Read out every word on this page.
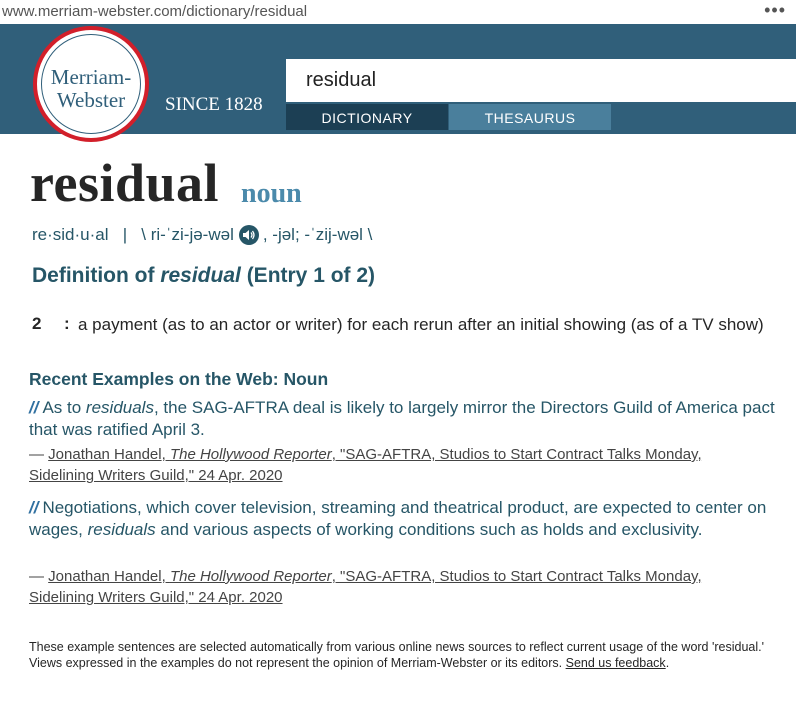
www.merriam-webster.com/dictionary/residual	•••
SINCE 1828
Merriam-
Webster
residual
DICTIONARY	THESAURUS
residual noun
re·​sid·​u·​al
|
\ ri-ˈzi-jə-wəl

, -jəl; -ˈzij-wəl \
Definition of residual (Entry 1 of 2)
2 : a payment (as to an actor or writer) for each rerun after an initial showing (as of a TV show)
Recent Examples on the Web: Noun
// As to residuals, the SAG-AFTRA deal is likely to largely mirror the Directors Guild of America pact that was ratified April 3.
— Jonathan Handel, The Hollywood Reporter, "SAG-AFTRA, Studios to Start Contract Talks Monday, Sidelining Writers Guild," 24 Apr. 2020
// Negotiations, which cover television, streaming and theatrical product, are expected to center on wages, residuals and various aspects of working conditions such as holds and exclusivity.
— Jonathan Handel, The Hollywood Reporter, "SAG-AFTRA, Studios to Start Contract Talks Monday, Sidelining Writers Guild," 24 Apr. 2020
These example sentences are selected automatically from various online news sources to reflect current usage of the word 'residual.' Views expressed in the examples do not represent the opinion of Merriam-Webster or its editors. Send us feedback.
